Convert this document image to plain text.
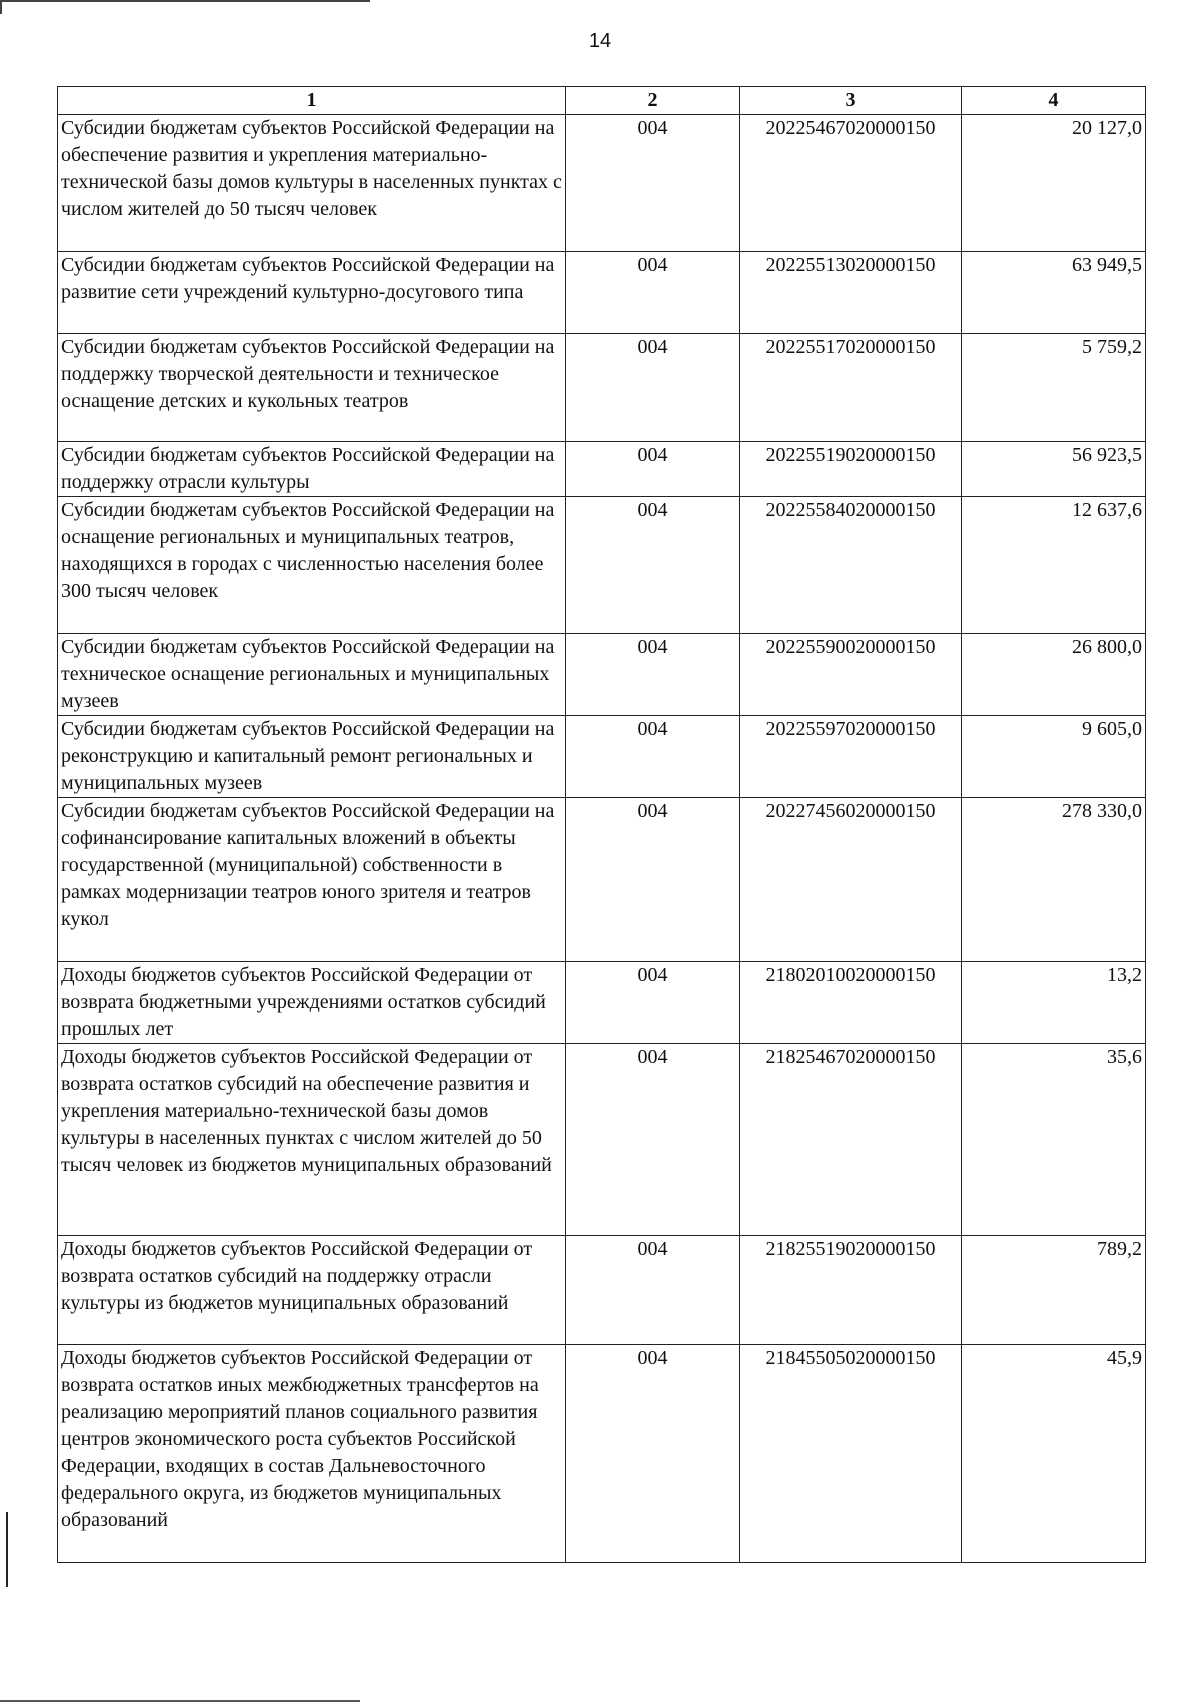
14
1	2	3	4
Субсидии бюджетам субъектов Российской Федерации на обеспечение развития и укрепления материально-технической базы домов культуры в населенных пунктах с числом жителей до 50 тысяч человек	004	20225467020000150	20 127,0
Субсидии бюджетам субъектов Российской Федерации на развитие сети учреждений культурно-досугового типа	004	20225513020000150	63 949,5
Субсидии бюджетам субъектов Российской Федерации на поддержку творческой деятельности и техническое оснащение детских и кукольных театров	004	20225517020000150	5 759,2
Субсидии бюджетам субъектов Российской Федерации на поддержку отрасли культуры	004	20225519020000150	56 923,5
Субсидии бюджетам субъектов Российской Федерации на оснащение региональных и муниципальных театров, находящихся в городах с численностью населения более 300 тысяч человек	004	20225584020000150	12 637,6
Субсидии бюджетам субъектов Российской Федерации на техническое оснащение региональных и муниципальных музеев	004	20225590020000150	26 800,0
Субсидии бюджетам субъектов Российской Федерации на реконструкцию и капитальный ремонт региональных и муниципальных музеев	004	20225597020000150	9 605,0
Субсидии бюджетам субъектов Российской Федерации на софинансирование капитальных вложений в объекты государственной (муниципальной) собственности в рамках модернизации театров юного зрителя и театров кукол	004	20227456020000150	278 330,0
Доходы бюджетов субъектов Российской Федерации от возврата бюджетными учреждениями остатков субсидий прошлых лет	004	21802010020000150	13,2
Доходы бюджетов субъектов Российской Федерации от возврата остатков субсидий на обеспечение развития и укрепления материально-технической базы домов культуры в населенных пунктах с числом жителей до 50 тысяч человек из бюджетов муниципальных образований	004	21825467020000150	35,6
Доходы бюджетов субъектов Российской Федерации от возврата остатков субсидий на поддержку отрасли культуры из бюджетов муниципальных образований	004	21825519020000150	789,2
Доходы бюджетов субъектов Российской Федерации от возврата остатков иных межбюджетных трансфертов на реализацию мероприятий планов социального развития центров экономического роста субъектов Российской Федерации, входящих в состав Дальневосточного федерального округа, из бюджетов муниципальных образований	004	21845505020000150	45,9
